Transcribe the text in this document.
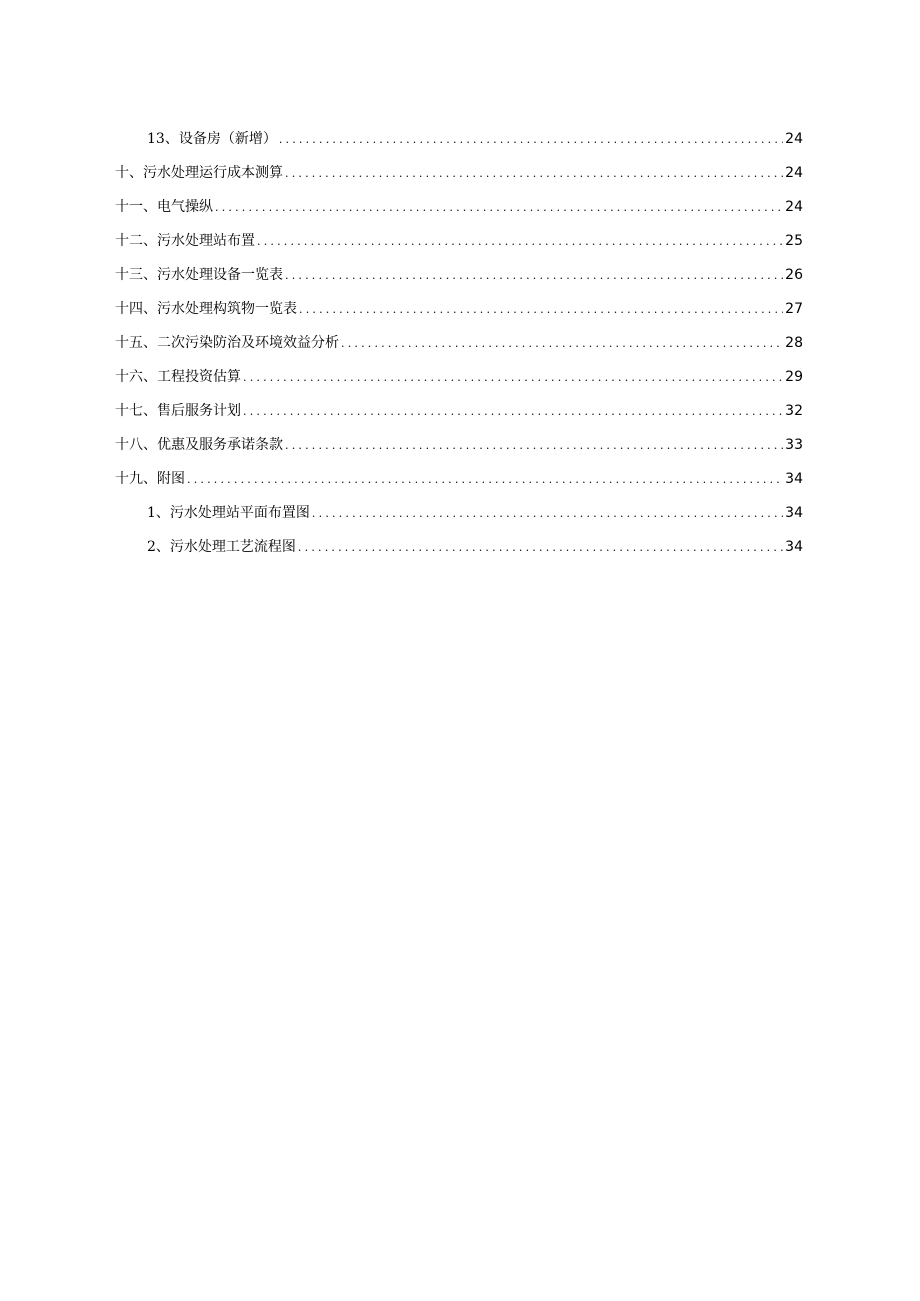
13、设备房（新增） .....	24
十、污水处理运行成本测算 .....	24
十一、电气操纵 .....	24
十二、污水处理站布置 .....	25
十三、污水处理设备一览表 .....	26
十四、污水处理构筑物一览表 .....	27
十五、二次污染防治及环境效益分析 .....	28
十六、工程投资估算 .....	29
十七、售后服务计划 .....	32
十八、优惠及服务承诺条款 .....	33
十九、附图 .....	34
1、污水处理站平面布置图 .....	34
2、污水处理工艺流程图 .....	34
